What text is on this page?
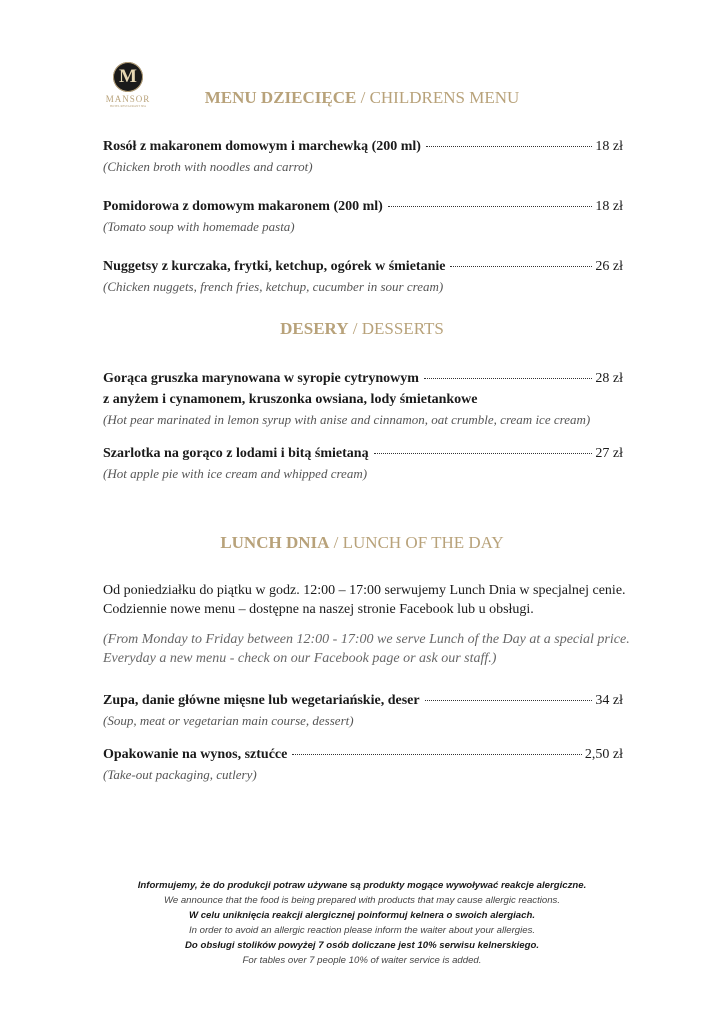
M
MANSOR
HOTEL RESTAURANT SPA	MENU DZIECIĘCE / CHILDRENS MENU
Rosół z makaronem domowym i marchewką (200 ml)	18 zł
(Chicken broth with noodles and carrot)
Pomidorowa z domowym makaronem (200 ml)	18 zł
(Tomato soup with homemade pasta)
Nuggetsy z kurczaka, frytki, ketchup, ogórek w śmietanie	26 zł
(Chicken nuggets, french fries, ketchup, cucumber in sour cream)
DESERY / DESSERTS
Gorąca gruszka marynowana w syropie cytrynowym	28 zł
z anyżem i cynamonem, kruszonka owsiana, lody śmietankowe
(Hot pear marinated in lemon syrup with anise and cinnamon, oat crumble, cream ice cream)
Szarlotka na gorąco z lodami i bitą śmietaną	27 zł
(Hot apple pie with ice cream and whipped cream)
LUNCH DNIA / LUNCH OF THE DAY
Od poniedziałku do piątku w godz. 12:00 – 17:00 serwujemy Lunch Dnia w specjalnej cenie. Codziennie nowe menu – dostępne na naszej stronie Facebook lub u obsługi.
(From Monday to Friday between 12:00 - 17:00 we serve Lunch of the Day at a special price. Everyday a new menu - check on our Facebook page or ask our staff.)
Zupa, danie główne mięsne lub wegetariańskie, deser	34 zł
(Soup, meat or vegetarian main course, dessert)
Opakowanie na wynos, sztućce	2,50 zł
(Take-out packaging, cutlery)
Informujemy, że do produkcji potraw używane są produkty mogące wywoływać reakcje alergiczne.
We announce that the food is being prepared with products that may cause allergic reactions.
W celu uniknięcia reakcji alergicznej poinformuj kelnera o swoich alergiach.
In order to avoid an allergic reaction please inform the waiter about your allergies.
Do obsługi stolików powyżej 7 osób doliczane jest 10% serwisu kelnerskiego.
For tables over 7 people 10% of waiter service is added.
